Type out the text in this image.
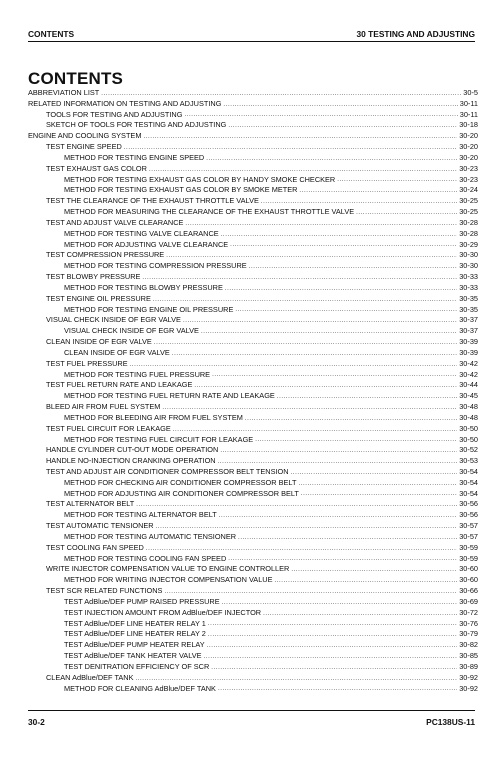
CONTENTS	30 TESTING AND ADJUSTING
CONTENTS
ABBREVIATION LIST .....	30-5
RELATED INFORMATION ON TESTING AND ADJUSTING .....	30-11
TOOLS FOR TESTING AND ADJUSTING .....	30-11
SKETCH OF TOOLS FOR TESTING AND ADJUSTING .....	30-18
ENGINE AND COOLING SYSTEM .....	30-20
TEST ENGINE SPEED .....	30-20
METHOD FOR TESTING ENGINE SPEED .....	30-20
TEST EXHAUST GAS COLOR .....	30-23
METHOD FOR TESTING EXHAUST GAS COLOR BY HANDY SMOKE CHECKER .....	30-23
METHOD FOR TESTING EXHAUST GAS COLOR BY SMOKE METER .....	30-24
TEST THE CLEARANCE OF THE EXHAUST THROTTLE VALVE .....	30-25
METHOD FOR MEASURING THE CLEARANCE OF THE EXHAUST THROTTLE VALVE .....	30-25
TEST AND ADJUST VALVE CLEARANCE .....	30-28
METHOD FOR TESTING VALVE CLEARANCE .....	30-28
METHOD FOR ADJUSTING VALVE CLEARANCE .....	30-29
TEST COMPRESSION PRESSURE .....	30-30
METHOD FOR TESTING COMPRESSION PRESSURE .....	30-30
TEST BLOWBY PRESSURE .....	30-33
METHOD FOR TESTING BLOWBY PRESSURE .....	30-33
TEST ENGINE OIL PRESSURE .....	30-35
METHOD FOR TESTING ENGINE OIL PRESSURE .....	30-35
VISUAL CHECK INSIDE OF EGR VALVE .....	30-37
VISUAL CHECK INSIDE OF EGR VALVE .....	30-37
CLEAN INSIDE OF EGR VALVE .....	30-39
CLEAN INSIDE OF EGR VALVE .....	30-39
TEST FUEL PRESSURE .....	30-42
METHOD FOR TESTING FUEL PRESSURE .....	30-42
TEST FUEL RETURN RATE AND LEAKAGE .....	30-44
METHOD FOR TESTING FUEL RETURN RATE AND LEAKAGE .....	30-45
BLEED AIR FROM FUEL SYSTEM .....	30-48
METHOD FOR BLEEDING AIR FROM FUEL SYSTEM .....	30-48
TEST FUEL CIRCUIT FOR LEAKAGE .....	30-50
METHOD FOR TESTING FUEL CIRCUIT FOR LEAKAGE .....	30-50
HANDLE CYLINDER CUT-OUT MODE OPERATION .....	30-52
HANDLE NO-INJECTION CRANKING OPERATION .....	30-53
TEST AND ADJUST AIR CONDITIONER COMPRESSOR BELT TENSION .....	30-54
METHOD FOR CHECKING AIR CONDITIONER COMPRESSOR BELT .....	30-54
METHOD FOR ADJUSTING AIR CONDITIONER COMPRESSOR BELT .....	30-54
TEST ALTERNATOR BELT .....	30-56
METHOD FOR TESTING ALTERNATOR BELT .....	30-56
TEST AUTOMATIC TENSIONER .....	30-57
METHOD FOR TESTING AUTOMATIC TENSIONER .....	30-57
TEST COOLING FAN SPEED .....	30-59
METHOD FOR TESTING COOLING FAN SPEED .....	30-59
WRITE INJECTOR COMPENSATION VALUE TO ENGINE CONTROLLER .....	30-60
METHOD FOR WRITING INJECTOR COMPENSATION VALUE .....	30-60
TEST SCR RELATED FUNCTIONS .....	30-66
TEST AdBlue/DEF PUMP RAISED PRESSURE .....	30-69
TEST INJECTION AMOUNT FROM AdBlue/DEF INJECTOR .....	30-72
TEST AdBlue/DEF LINE HEATER RELAY 1 .....	30-76
TEST AdBlue/DEF LINE HEATER RELAY 2 .....	30-79
TEST AdBlue/DEF PUMP HEATER RELAY .....	30-82
TEST AdBlue/DEF TANK HEATER VALVE .....	30-85
TEST DENITRATION EFFICIENCY OF SCR .....	30-89
CLEAN AdBlue/DEF TANK .....	30-92
METHOD FOR CLEANING AdBlue/DEF TANK .....	30-92
30-2	PC138US-11
